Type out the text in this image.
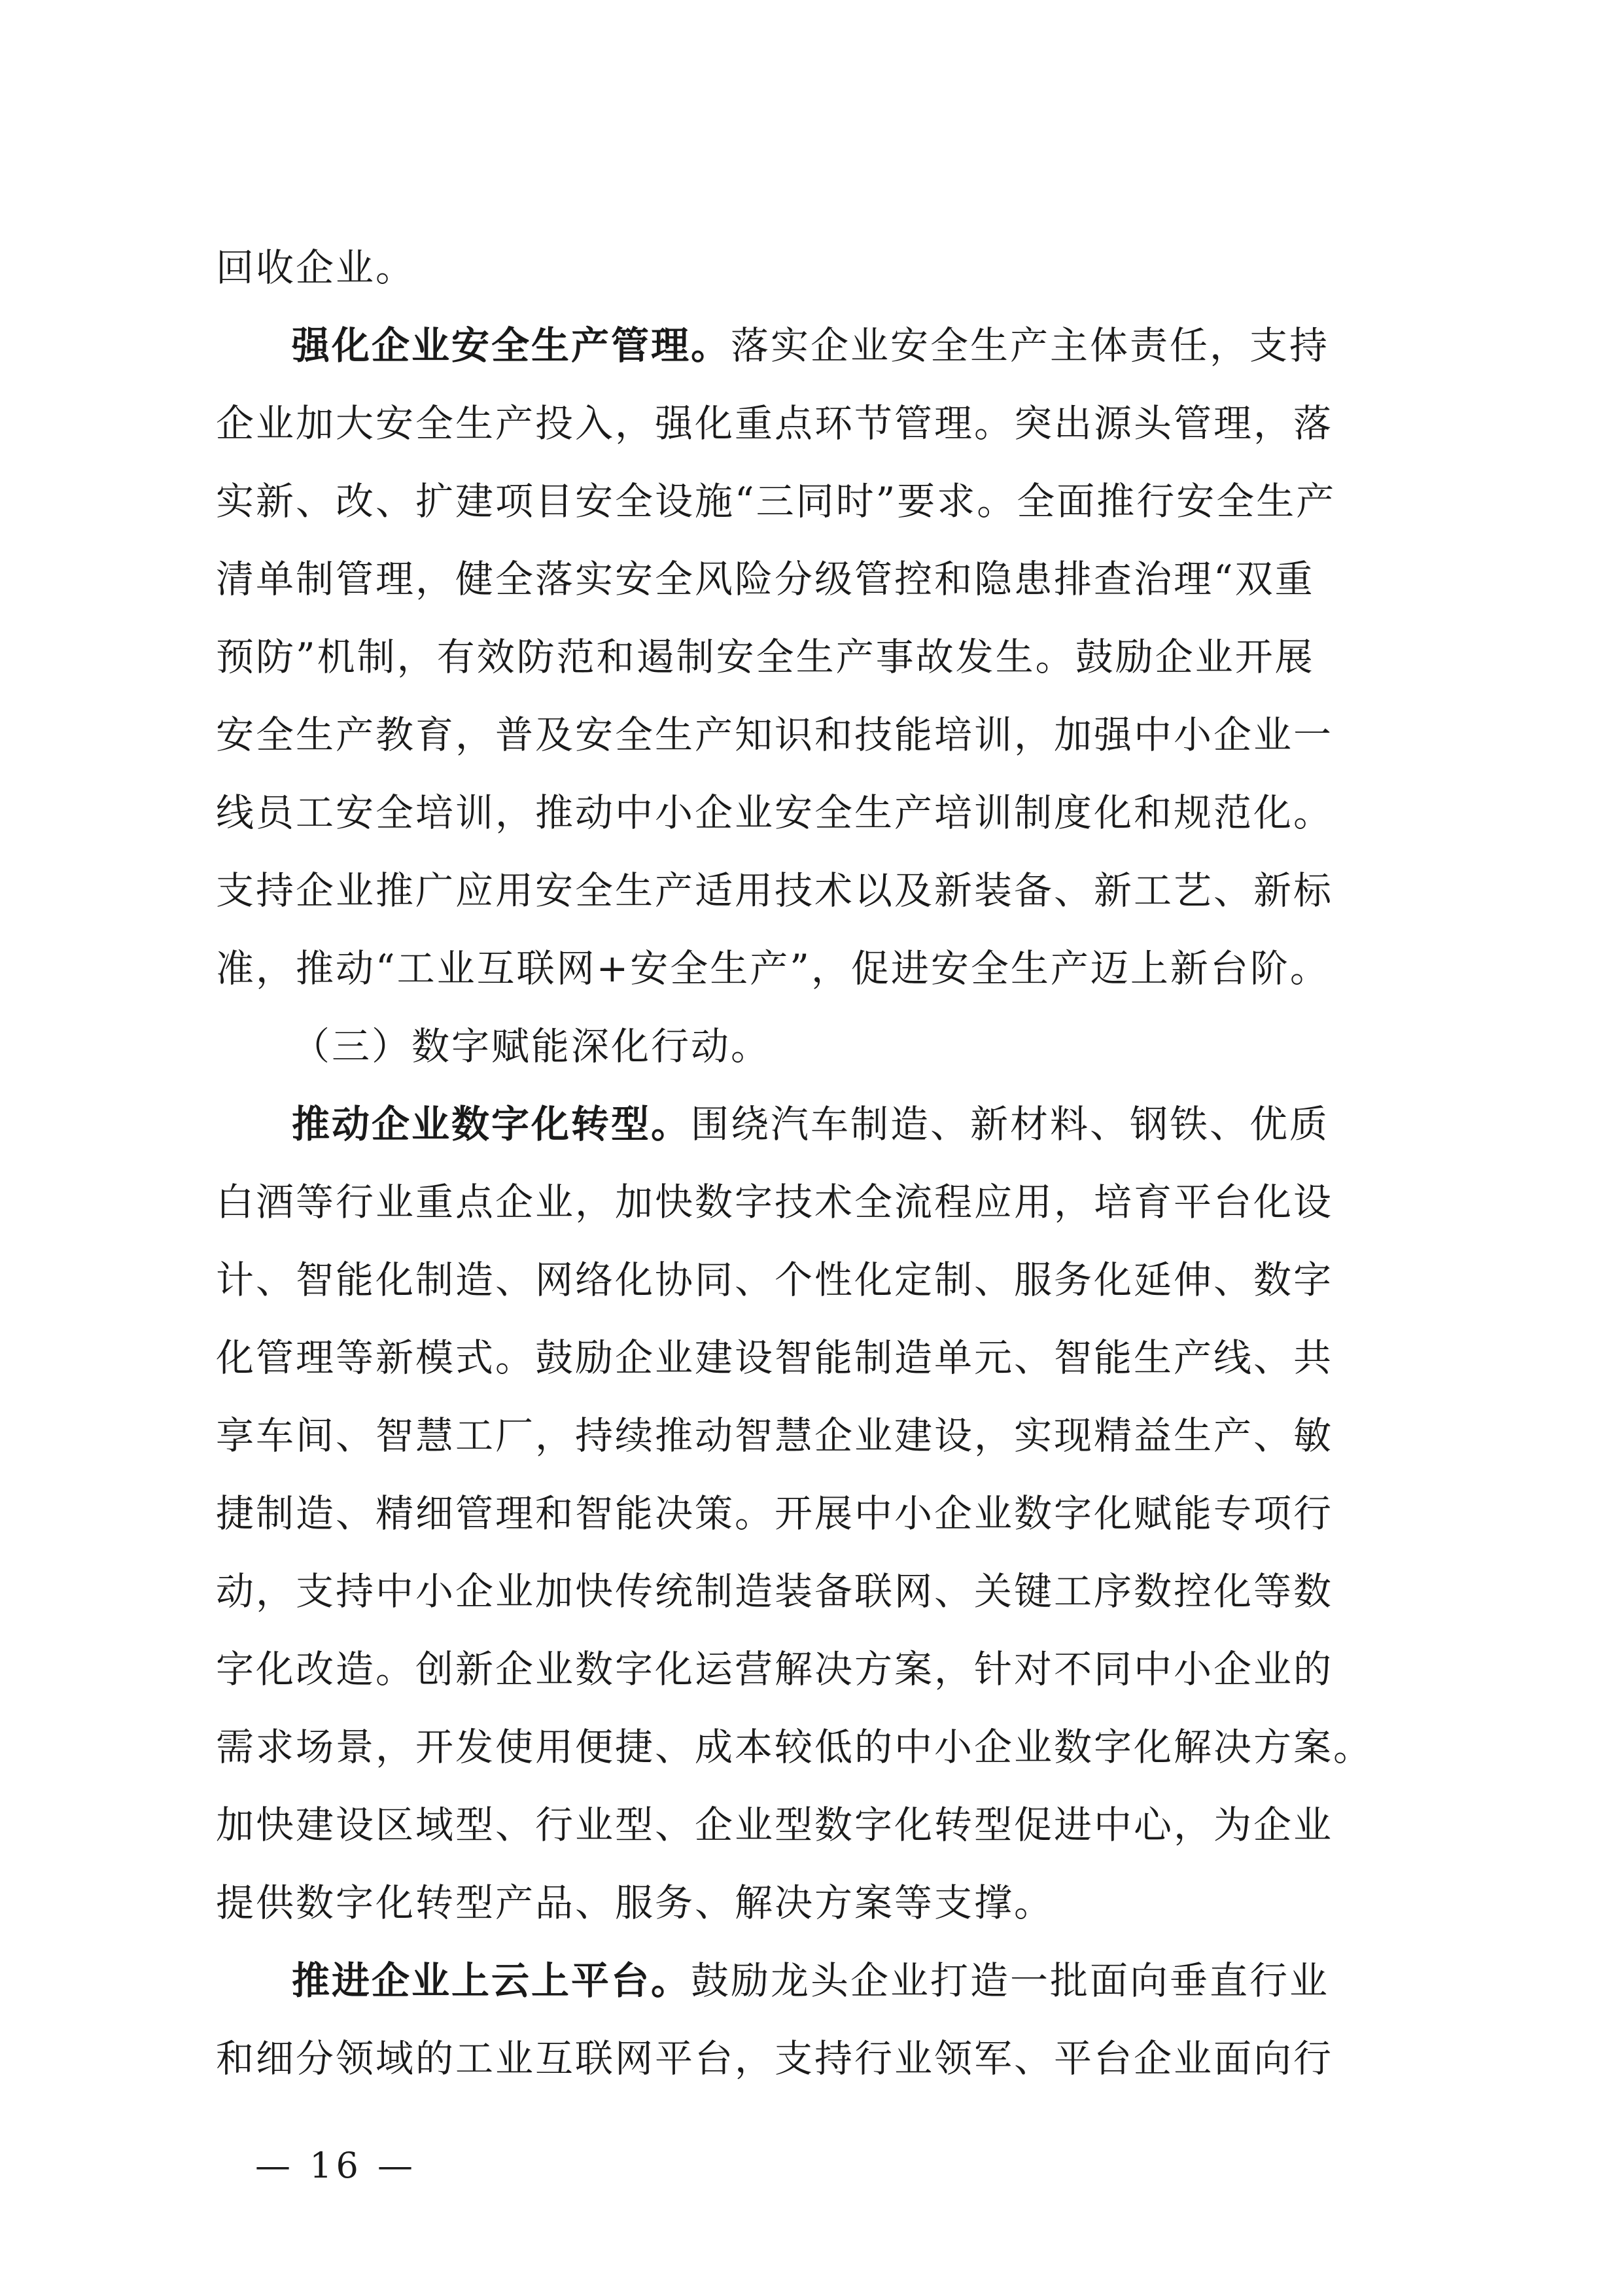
回收企业。
强化企业安全生产管理。落实企业安全生产主体责任，支持
企业加大安全生产投入，强化重点环节管理。突出源头管理，落
实新、改、扩建项目安全设施“三同时”要求。全面推行安全生产
清单制管理，健全落实安全风险分级管控和隐患排查治理“双重
预防”机制，有效防范和遏制安全生产事故发生。鼓励企业开展
安全生产教育，普及安全生产知识和技能培训，加强中小企业一
线员工安全培训，推动中小企业安全生产培训制度化和规范化。
支持企业推广应用安全生产适用技术以及新装备、新工艺、新标
准，推动“工业互联网+安全生产”，促进安全生产迈上新台阶。
（三）数字赋能深化行动。
推动企业数字化转型。围绕汽车制造、新材料、钢铁、优质
白酒等行业重点企业，加快数字技术全流程应用，培育平台化设
计、智能化制造、网络化协同、个性化定制、服务化延伸、数字
化管理等新模式。鼓励企业建设智能制造单元、智能生产线、共
享车间、智慧工厂，持续推动智慧企业建设，实现精益生产、敏
捷制造、精细管理和智能决策。开展中小企业数字化赋能专项行
动，支持中小企业加快传统制造装备联网、关键工序数控化等数
字化改造。创新企业数字化运营解决方案，针对不同中小企业的
需求场景，开发使用便捷、成本较低的中小企业数字化解决方案。
加快建设区域型、行业型、企业型数字化转型促进中心，为企业
提供数字化转型产品、服务、解决方案等支撑。
推进企业上云上平台。鼓励龙头企业打造一批面向垂直行业
和细分领域的工业互联网平台，支持行业领军、平台企业面向行
— 16 —
